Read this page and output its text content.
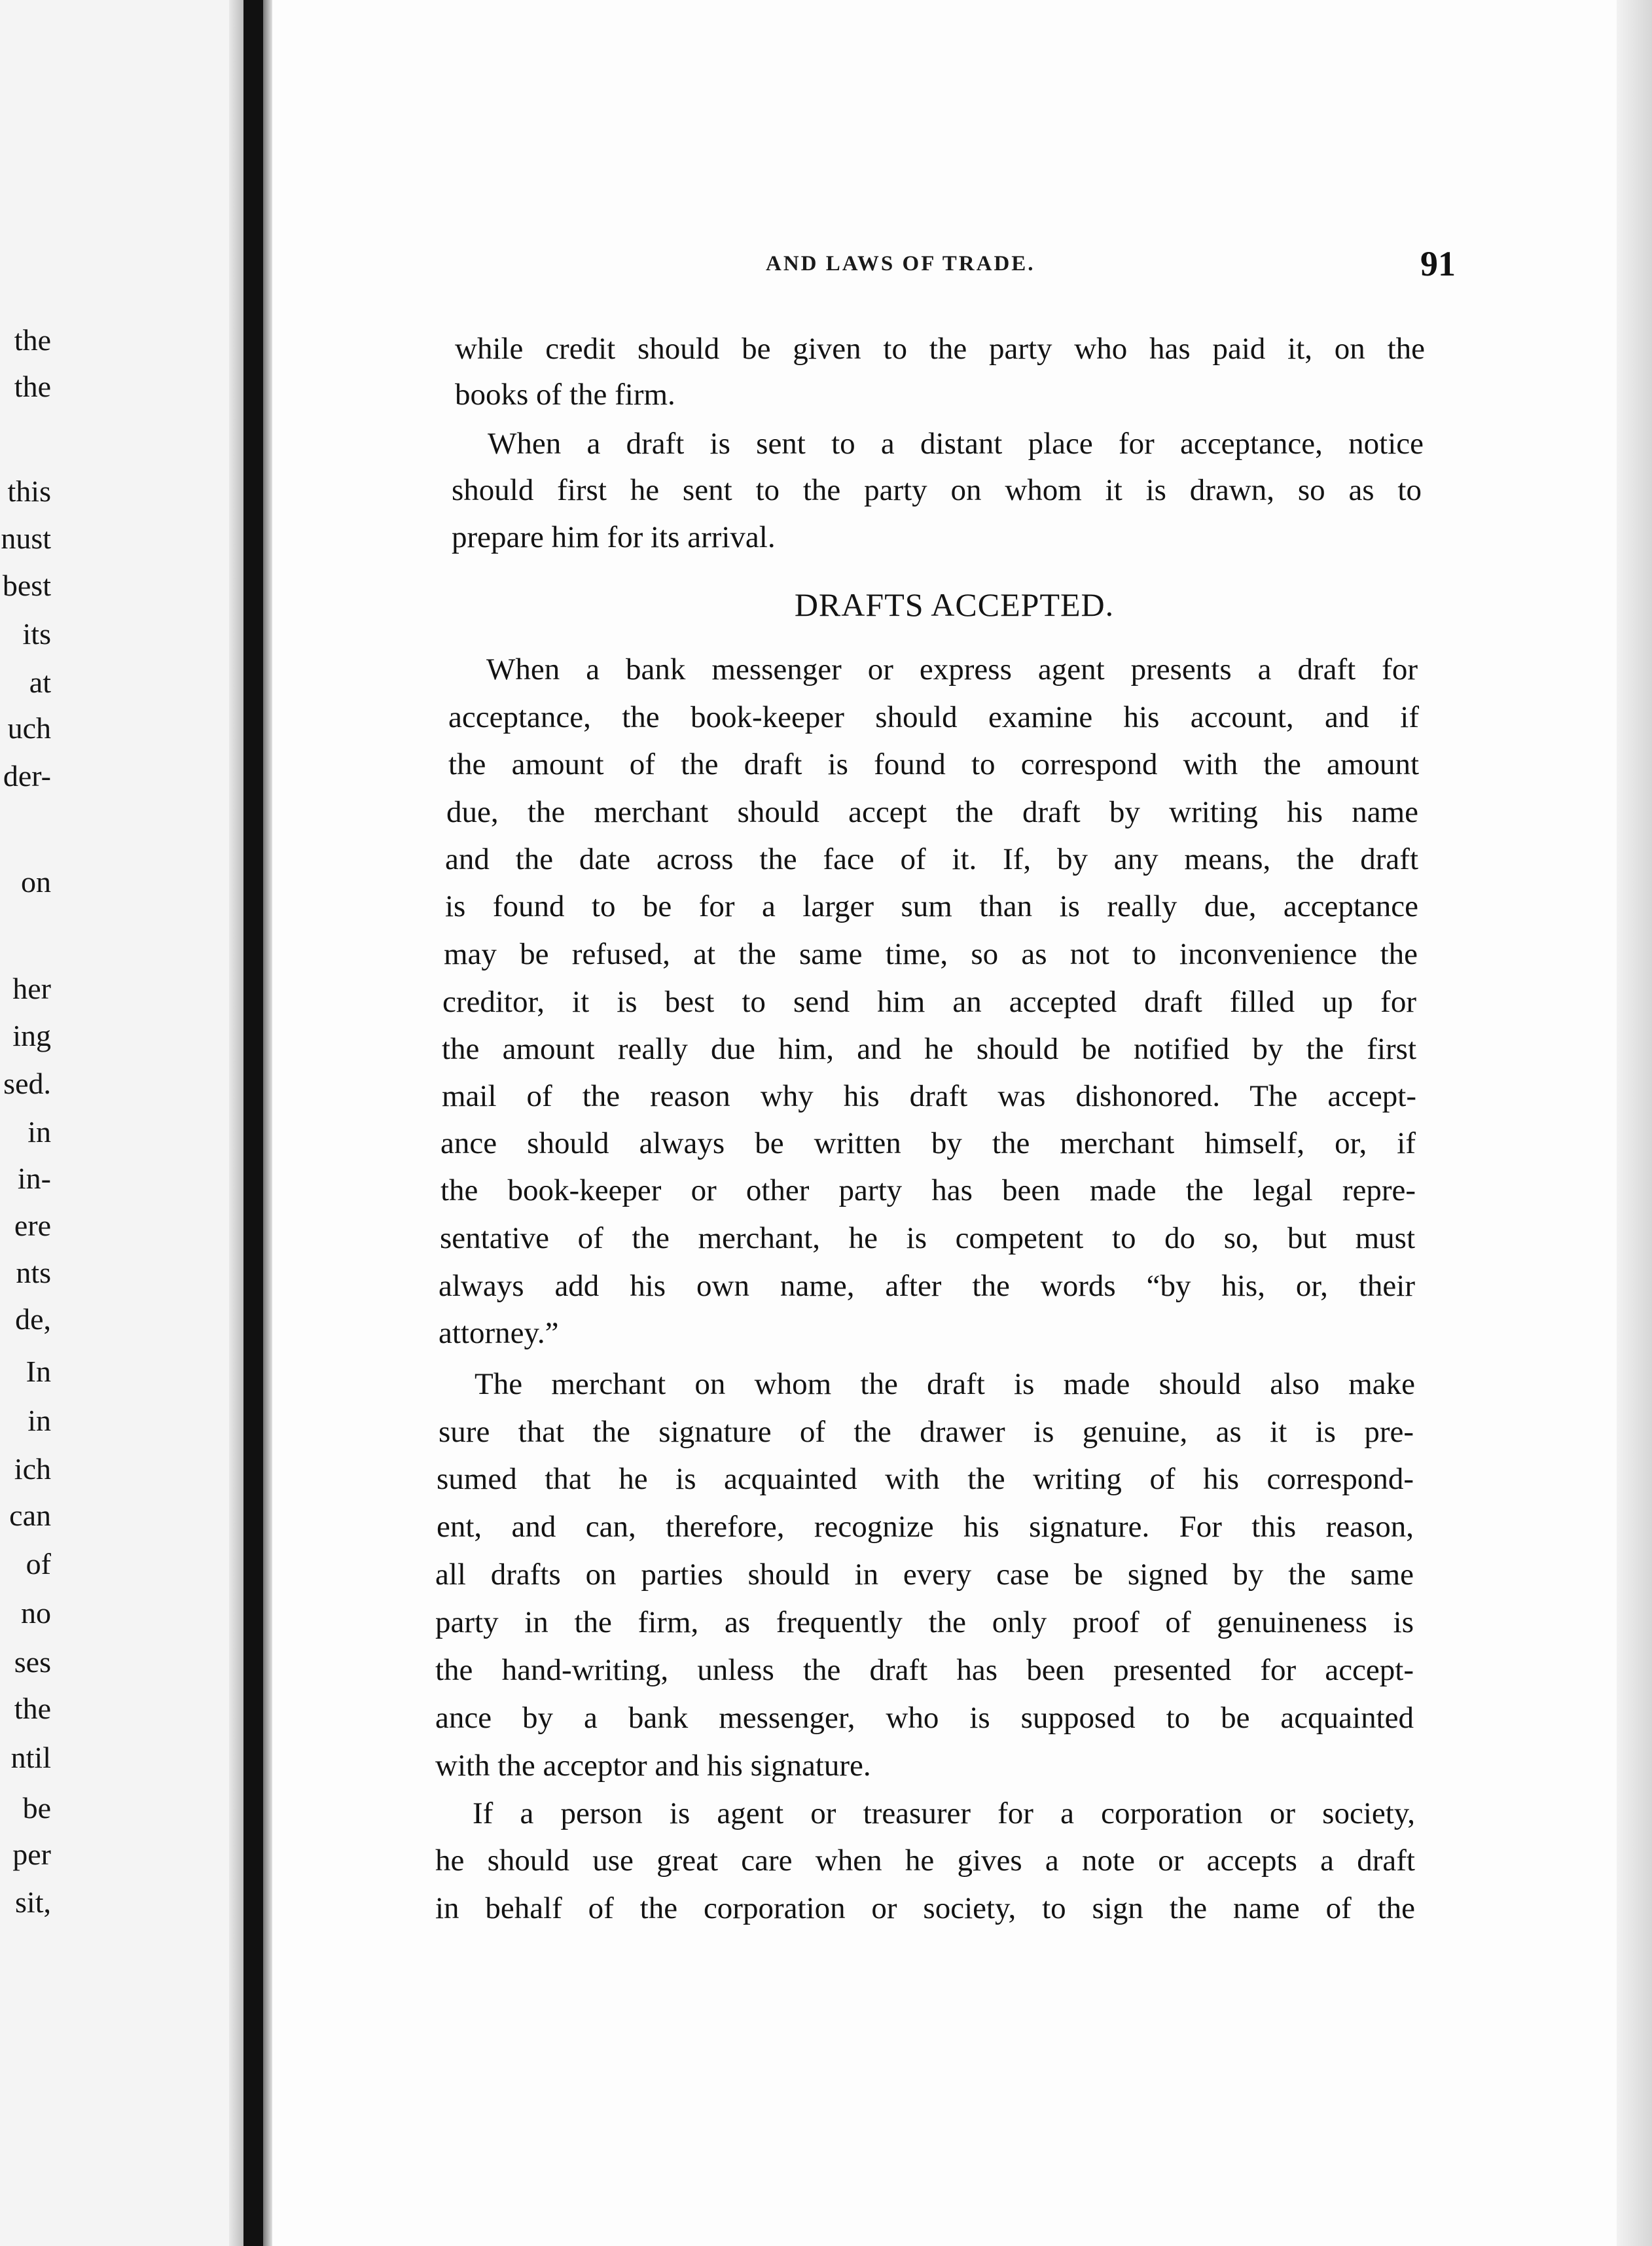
the
the
this
nust
best
its
at
uch
der-
on
her
ing
sed.
in
in-
ere
nts
de,
In
in
ich
can
of
no
ses
the
ntil
be
per
sit,
AND LAWS OF TRADE.	91
while credit should be given to the party who has paid it, on the
books of the firm.
When a draft is sent to a distant place for acceptance, notice
should first he sent to the party on whom it is drawn, so as to
prepare him for its arrival.
DRAFTS ACCEPTED.
When a bank messenger or express agent presents a draft for
acceptance, the book-keeper should examine his account, and if
the amount of the draft is found to correspond with the amount
due, the merchant should accept the draft by writing his name
and the date across the face of it. If, by any means, the draft
is found to be for a larger sum than is really due, acceptance
may be refused, at the same time, so as not to inconvenience the
creditor, it is best to send him an accepted draft filled up for
the amount really due him, and he should be notified by the first
mail of the reason why his draft was dishonored. The accept-
ance should always be written by the merchant himself, or, if
the book-keeper or other party has been made the legal repre-
sentative of the merchant, he is competent to do so, but must
always add his own name, after the words “by his, or, their
attorney.”
The merchant on whom the draft is made should also make
sure that the signature of the drawer is genuine, as it is pre-
sumed that he is acquainted with the writing of his correspond-
ent, and can, therefore, recognize his signature. For this reason,
all drafts on parties should in every case be signed by the same
party in the firm, as frequently the only proof of genuineness is
the hand-writing, unless the draft has been presented for accept-
ance by a bank messenger, who is supposed to be acquainted
with the acceptor and his signature.
If a person is agent or treasurer for a corporation or society,
he should use great care when he gives a note or accepts a draft
in behalf of the corporation or society, to sign the name of the
